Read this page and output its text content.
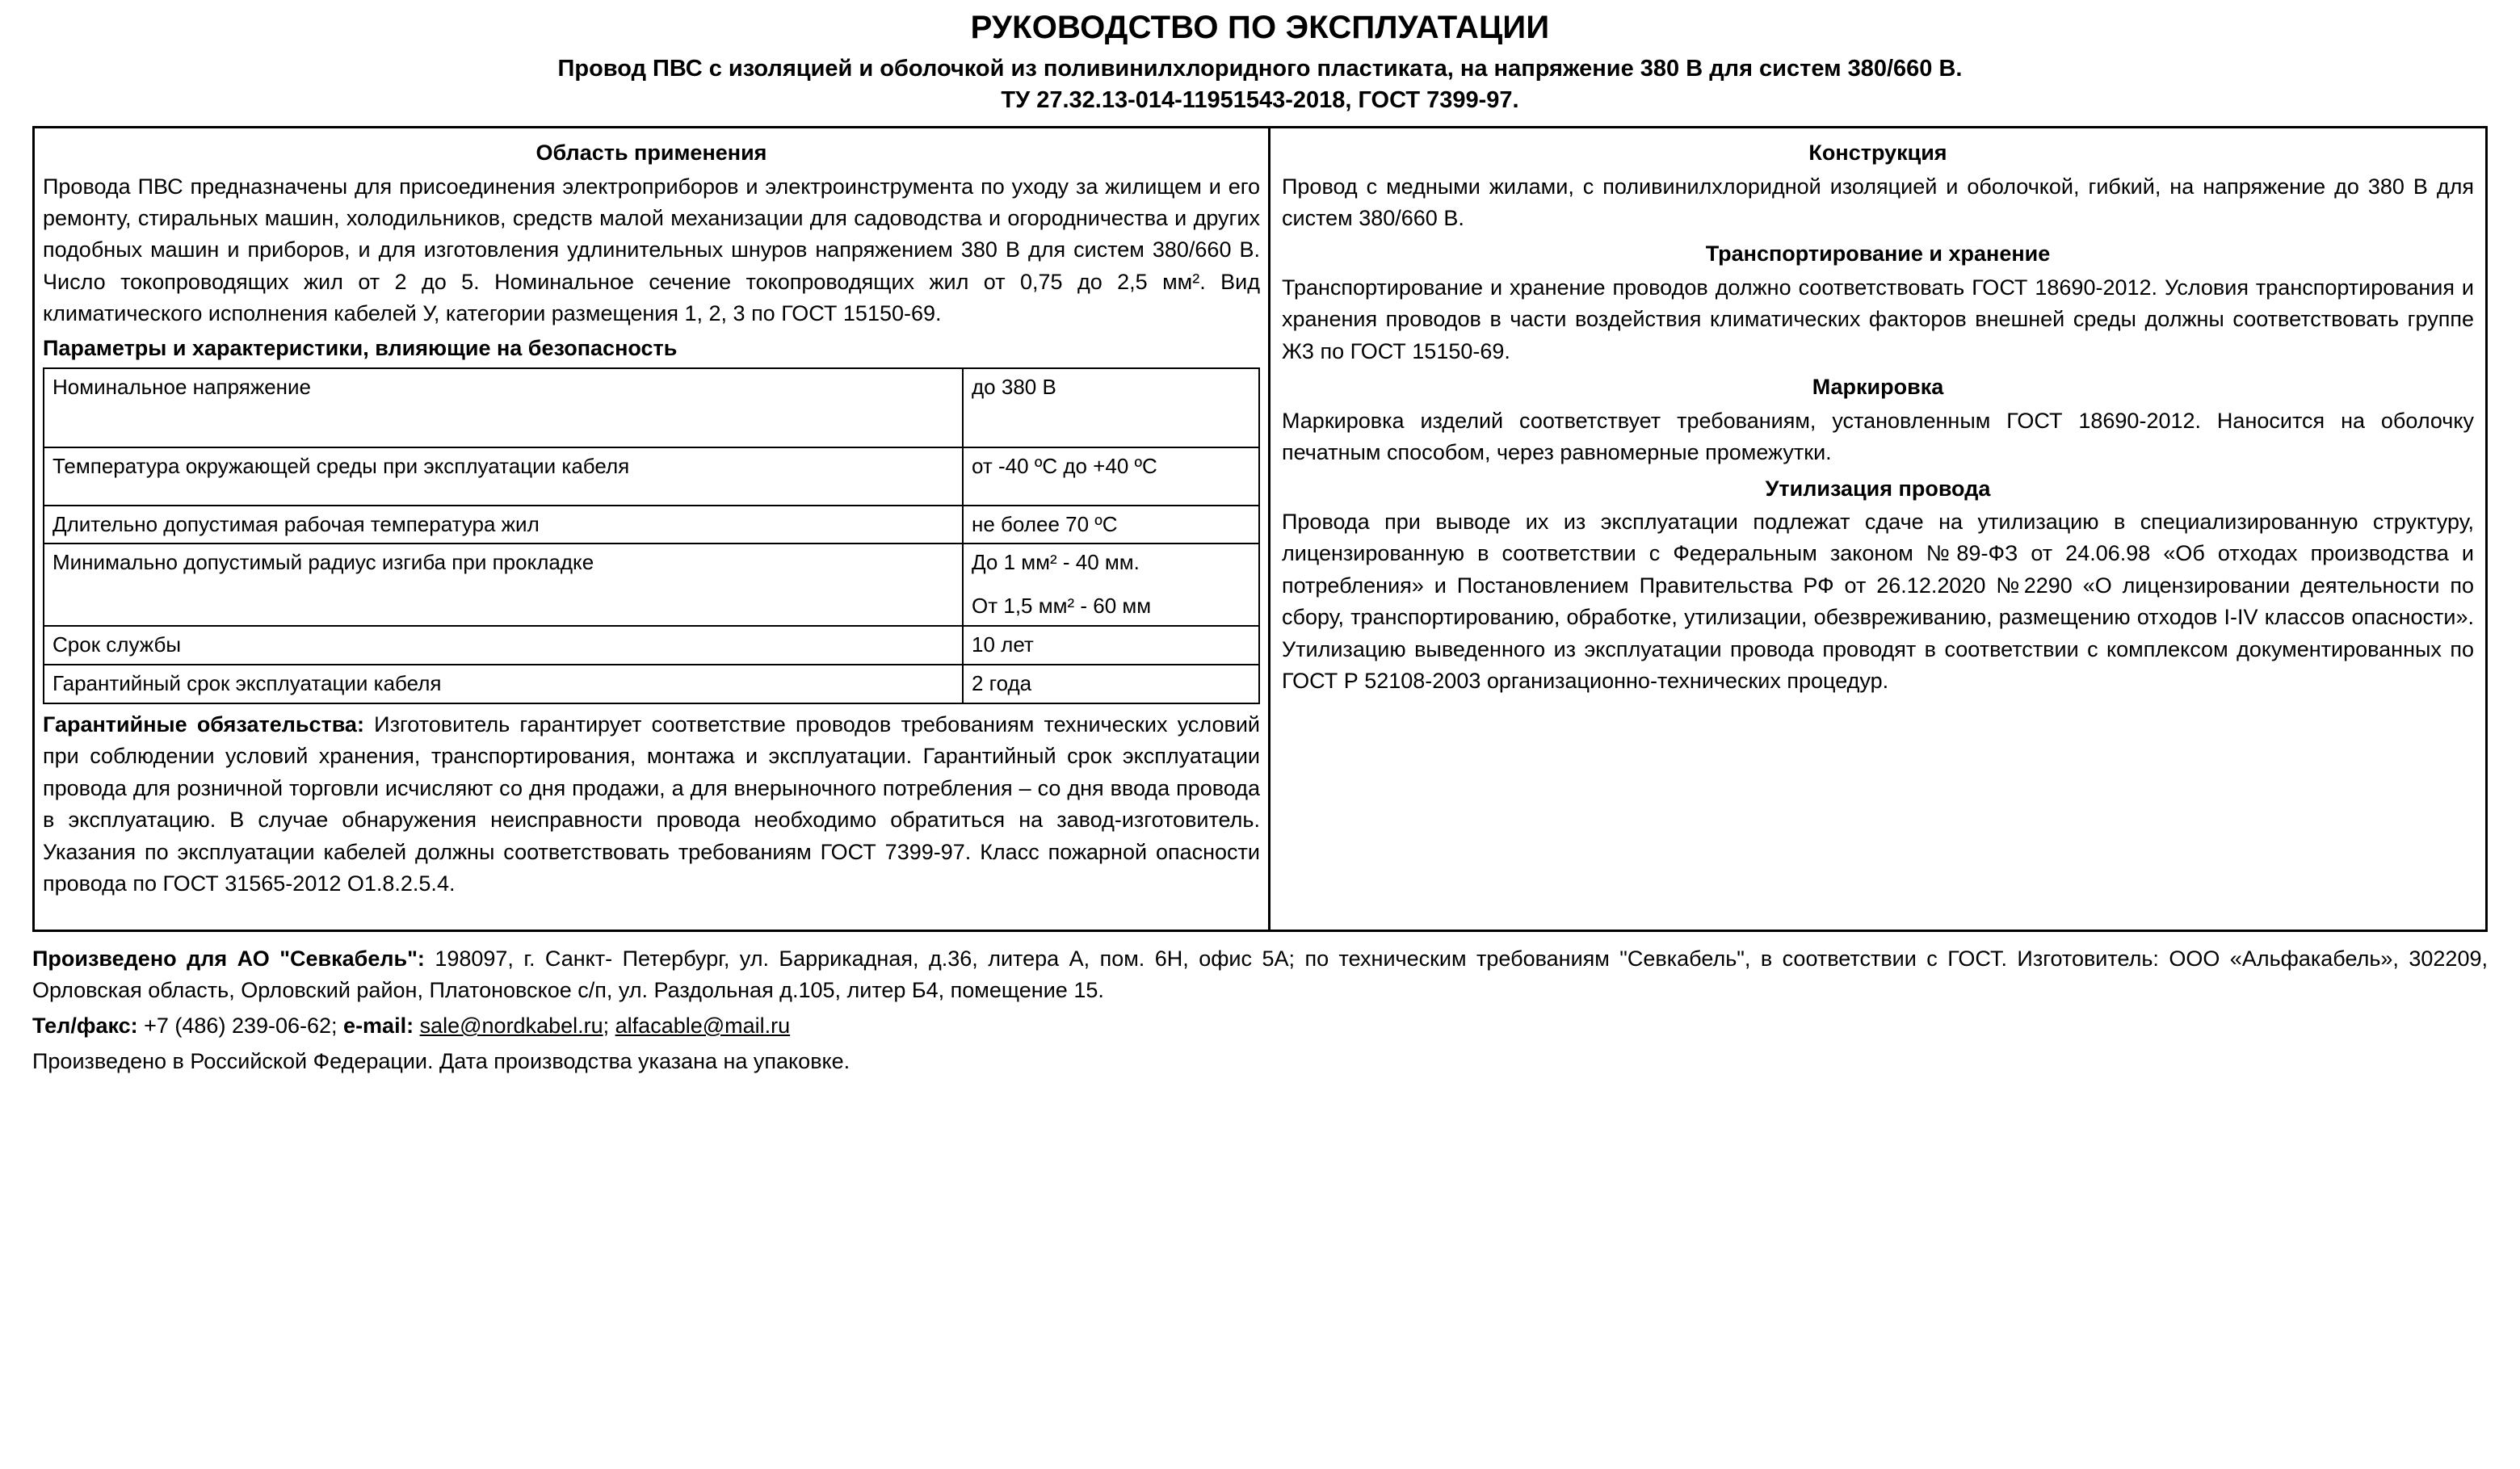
РУКОВОДСТВО ПО ЭКСПЛУАТАЦИИ
Провод ПВС с изоляцией и оболочкой из поливинилхлоридного пластиката, на напряжение 380 В для систем 380/660 В.
ТУ 27.32.13-014-11951543-2018, ГОСТ 7399-97.
Область применения

Провода ПВС предназначены для присоединения электроприборов и электроинструмента по уходу за жилищем и его ремонту, стиральных машин, холодильников, средств малой механизации для садоводства и огородничества и других подобных машин и приборов, и для изготовления удлинительных шнуров напряжением 380 В для систем 380/660 В. Число токопроводящих жил от 2 до 5. Номинальное сечение токопроводящих жил от 0,75 до 2,5 мм². Вид климатического исполнения кабелей У, категории размещения 1, 2, 3 по ГОСТ 15150-69.

Параметры и характеристики, влияющие на безопасность
Номинальное напряжение	до 380 В
Температура окружающей среды при эксплуатации кабеля	от -40 ºС до +40 ºС
Длительно допустимая рабочая температура жил	не более 70 ºС
Минимально допустимый радиус изгиба при прокладке	До 1 мм² - 40 мм.
От 1,5 мм² - 60 мм

Срок службы	10 лет
Гарантийный срок эксплуатации кабеля	2 года

Гарантийные обязательства: Изготовитель гарантирует соответствие проводов требованиям технических условий при соблюдении условий хранения, транспортирования, монтажа и эксплуатации. Гарантийный срок эксплуатации провода для розничной торговли исчисляют со дня продажи, а для внерыночного потребления – со дня ввода провода в эксплуатацию. В случае обнаружения неисправности провода необходимо обратиться на завод-изготовитель. Указания по эксплуатации кабелей должны соответствовать требованиям ГОСТ 7399-97. Класс пожарной опасности провода по ГОСТ 31565-2012 О1.8.2.5.4.

Конструкция

Провод с медными жилами, с поливинилхлоридной изоляцией и оболочкой, гибкий, на напряжение до 380 В для систем 380/660 В.

Транспортирование и хранение

Транспортирование и хранение проводов должно соответствовать ГОСТ 18690-2012. Условия транспортирования и хранения проводов в части воздействия климатических факторов внешней среды должны соответствовать группе Ж3 по ГОСТ 15150-69.

Маркировка

Маркировка изделий соответствует требованиям, установленным ГОСТ 18690-2012. Наносится на оболочку печатным способом, через равномерные промежутки.

Утилизация провода

Провода при выводе их из эксплуатации подлежат сдаче на утилизацию в специализированную структуру, лицензированную в соответствии с Федеральным законом №89-ФЗ от 24.06.98 «Об отходах производства и потребления» и Постановлением Правительства РФ от 26.12.2020 №2290 «О лицензировании деятельности по сбору, транспортированию, обработке, утилизации, обезвреживанию, размещению отходов I-IV классов опасности». Утилизацию выведенного из эксплуатации провода проводят в соответствии с комплексом документированных по ГОСТ Р 52108-2003 организационно-технических процедур.

Произведено для АО "Севкабель": 198097, г. Санкт- Петербург, ул. Баррикадная, д.36, литера А, пом. 6Н, офис 5А; по техническим требованиям "Севкабель", в соответствии с ГОСТ. Изготовитель: ООО «Альфакабель», 302209, Орловская область, Орловский район, Платоновское с/п, ул. Раздольная д.105, литер Б4, помещение 15.

Тел/факс: +7 (486) 239-06-62; e-mail: sale@nordkabel.ru; alfacable@mail.ru

Произведено в Российской Федерации. Дата производства указана на упаковке.
